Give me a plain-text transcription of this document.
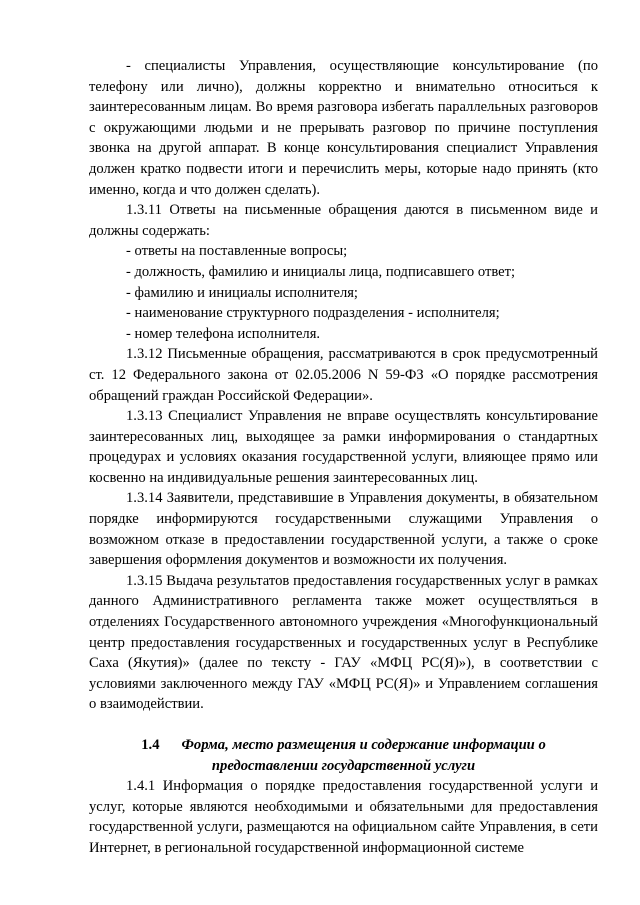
- специалисты Управления, осуществляющие консультирование (по телефону или лично), должны корректно и внимательно относиться к заинтересованным лицам. Во время разговора избегать параллельных разговоров с окружающими людьми и не прерывать разговор по причине поступления звонка на другой аппарат. В конце консультирования специалист Управления должен кратко подвести итоги и перечислить меры, которые надо принять (кто именно, когда и что должен сделать).

1.3.11 Ответы на письменные обращения даются в письменном виде и должны содержать:

- ответы на поставленные вопросы;

- должность, фамилию и инициалы лица, подписавшего ответ;

- фамилию и инициалы исполнителя;

- наименование структурного подразделения - исполнителя;

- номер телефона исполнителя.

1.3.12 Письменные обращения, рассматриваются в срок предусмотренный ст. 12 Федерального закона от 02.05.2006 N 59-ФЗ «О порядке рассмотрения обращений граждан Российской Федерации».

1.3.13 Специалист Управления не вправе осуществлять консультирование заинтересованных лиц, выходящее за рамки информирования о стандартных процедурах и условиях оказания государственной услуги, влияющее прямо или косвенно на индивидуальные решения заинтересованных лиц.

1.3.14 Заявители, представившие в Управления документы, в обязательном порядке информируются государственными служащими Управления о возможном отказе в предоставлении государственной услуги, а также о сроке завершения оформления документов и возможности их получения.

1.3.15 Выдача результатов предоставления государственных услуг в рамках данного Административного регламента также может осуществляться в отделениях Государственного автономного учреждения «Многофункциональный центр предоставления государственных и государственных услуг в Республике Саха (Якутия)» (далее по тексту - ГАУ «МФЦ РС(Я)»), в соответствии с условиями заключенного между ГАУ «МФЦ РС(Я)» и Управлением соглашения о взаимодействии.

1.4 Форма, место размещения и содержание информации о предоставлении государственной услуги

1.4.1 Информация о порядке предоставления государственной услуги и услуг, которые являются необходимыми и обязательными для предоставления государственной услуги, размещаются на официальном сайте Управления, в сети Интернет, в региональной государственной информационной системе
